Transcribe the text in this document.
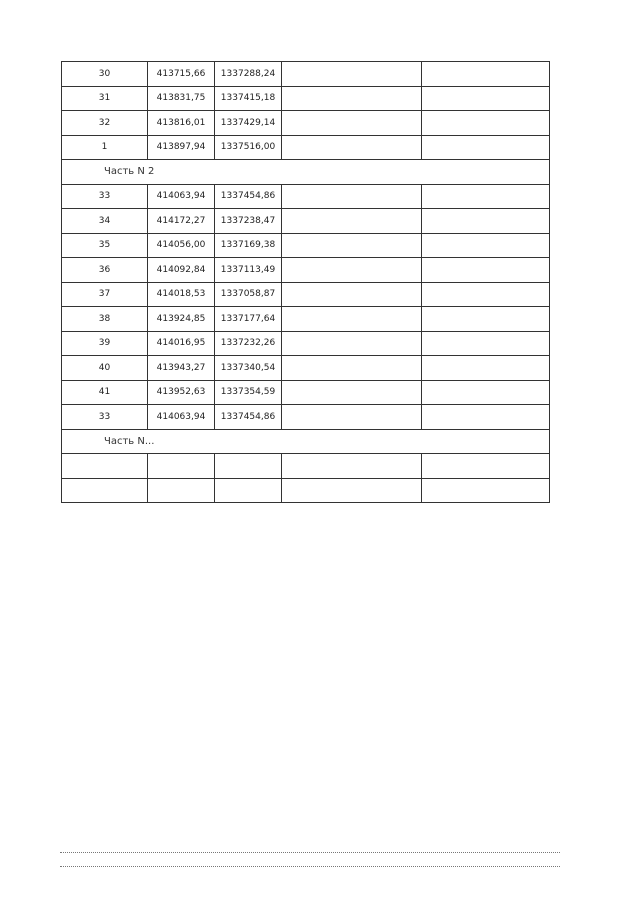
30	413715,66	1337288,24		
31	413831,75	1337415,18		
32	413816,01	1337429,14		
1	413897,94	1337516,00		
Часть N 2				
33	414063,94	1337454,86		
34	414172,27	1337238,47		
35	414056,00	1337169,38		
36	414092,84	1337113,49		
37	414018,53	1337058,87		
38	413924,85	1337177,64		
39	414016,95	1337232,26		
40	413943,27	1337340,54		
41	413952,63	1337354,59		
33	414063,94	1337454,86		
Часть N...				
